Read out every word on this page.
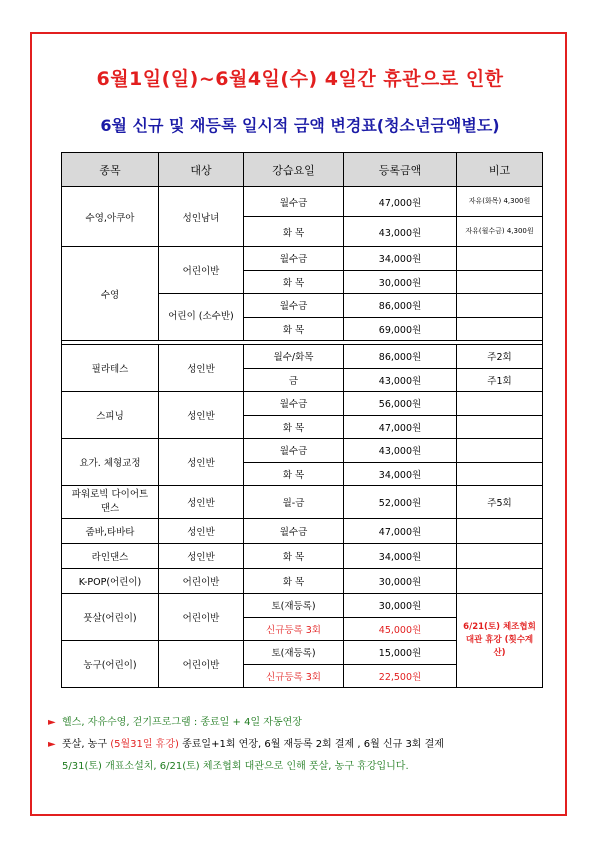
6월1일(일)~6월4일(수) 4일간 휴관으로 인한
6월 신규 및 재등록 일시적 금액 변경표(청소년금액별도)
종목	대상	강습요일	등록금액	비고
수영,아쿠아	성인남녀	월수금	47,000원	자유(화목) 4,300원
		화 목	43,000원	자유(월수금) 4,300원
수영	어린이반	월수금	34,000원	
		화 목	30,000원	
	어린이 (소수반)	월수금	86,000원	
		화 목	69,000원	

필라테스	성인반	월수/화목	86,000원	주2회
		금	43,000원	주1회
스피닝	성인반	월수금	56,000원	
		화 목	47,000원	
요가. 체형교정	성인반	월수금	43,000원	
		화 목	34,000원	
파워로빅 다이어트댄스	성인반	월-금	52,000원	주5회
줌바,타바타	성인반	월수금	47,000원	
라인댄스	성인반	화 목	34,000원	
K-POP(어린이)	어린이반	화 목	30,000원	
풋살(어린이)	어린이반	토(재등록)	30,000원	6/21(토) 체조협회 대관 휴강 (횟수계산)
		신규등록 3회	45,000원	
농구(어린이)	어린이반	토(재등록)	15,000원	
		신규등록 3회	22,500원	
► 헬스, 자유수영, 걷기프로그램 : 종료일 + 4일 자동연장
► 풋살, 농구 (5월31일 휴강) 종료일+1회 연장, 6월 재등록 2회 결제 , 6월 신규 3회 결제
5/31(토) 개표소설치, 6/21(토) 체조협회 대관으로 인해 풋살, 농구 휴강입니다.
